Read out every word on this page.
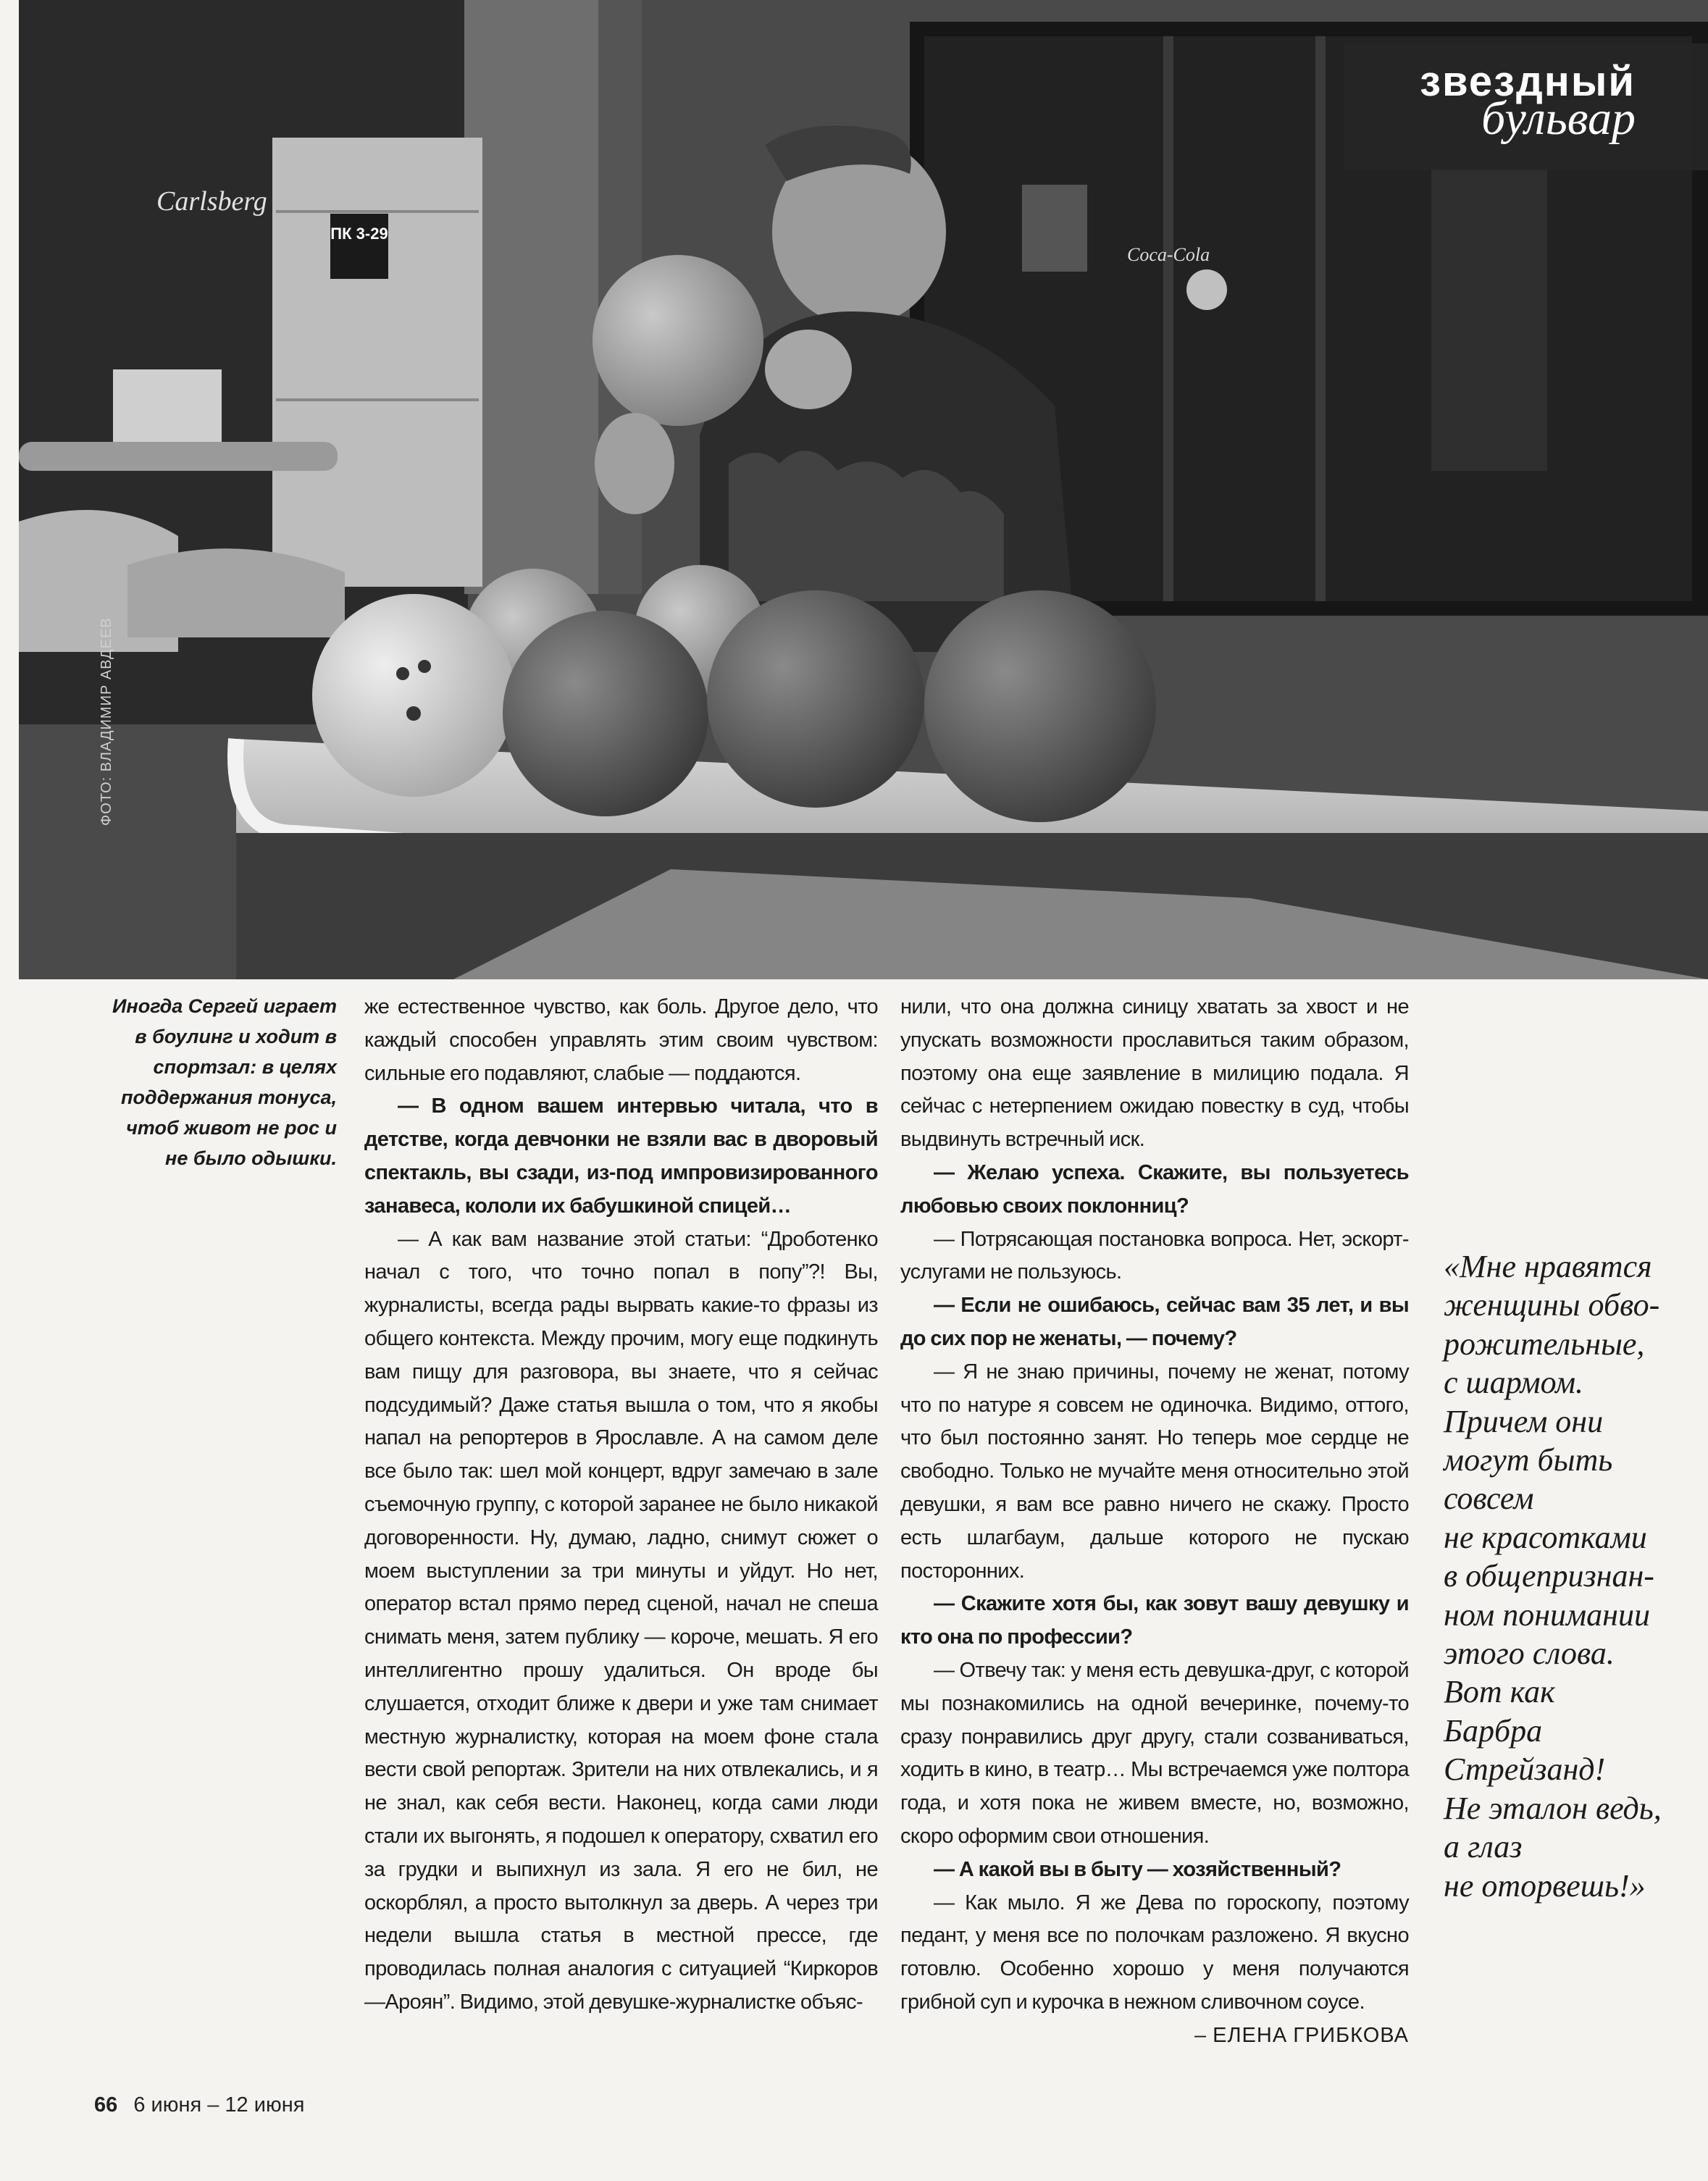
ПК 3-29
Carlsberg
Coca-Cola
звездный
бульвар
ФОТО: ВЛАДИМИР АВДЕЕВ
Иногда Сергей играет в боулинг и ходит в спортзал: в целях поддержания тонуса, чтоб живот не рос и не было одышки.

же естественное чувство, как боль. Другое дело, что каждый способен управлять этим своим чувством: сильные его подавляют, слабые — поддаются.

— В одном вашем интервью читала, что в детстве, когда девчонки не взяли вас в дворовый спектакль, вы сзади, из-под импровизированного занавеса, кололи их бабушкиной спицей…

— А как вам название этой статьи: “Дроботенко начал с того, что точно попал в попу”?! Вы, журналисты, всегда рады вырвать какие-то фразы из общего контекста. Между прочим, могу еще подкинуть вам пищу для разговора, вы знаете, что я сейчас подсудимый? Даже статья вышла о том, что я якобы напал на репортеров в Ярославле. А на самом деле все было так: шел мой концерт, вдруг замечаю в зале съемочную группу, с которой заранее не было никакой договоренности. Ну, думаю, ладно, снимут сюжет о моем выступлении за три минуты и уйдут. Но нет, оператор встал прямо перед сценой, начал не спеша снимать меня, затем публику — короче, мешать. Я его интеллигентно прошу удалиться. Он вроде бы слушается, отходит ближе к двери и уже там снимает местную журналистку, которая на моем фоне стала вести свой репортаж. Зрители на них отвлекались, и я не знал, как себя вести. Наконец, когда сами люди стали их выгонять, я подошел к оператору, схватил его за грудки и выпихнул из зала. Я его не бил, не оскорблял, а просто вытолкнул за дверь. А через три недели вышла статья в местной прессе, где проводилась полная аналогия с ситуацией “Киркоров—Ароян”. Видимо, этой девушке-журналистке объяс-

нили, что она должна синицу хватать за хвост и не упускать возможности прославиться таким образом, поэтому она еще заявление в милицию подала. Я сейчас с нетерпением ожидаю повестку в суд, чтобы выдвинуть встречный иск.

— Желаю успеха. Скажите, вы пользуетесь любовью своих поклонниц?

— Потрясающая постановка вопроса. Нет, эскорт-услугами не пользуюсь.

— Если не ошибаюсь, сейчас вам 35 лет, и вы до сих пор не женаты, — почему?

— Я не знаю причины, почему не женат, потому что по натуре я совсем не одиночка. Видимо, оттого, что был постоянно занят. Но теперь мое сердце не свободно. Только не мучайте меня относительно этой девушки, я вам все равно ничего не скажу. Просто есть шлагбаум, дальше которого не пускаю посторонних.

— Скажите хотя бы, как зовут вашу девушку и кто она по профессии?

— Отвечу так: у меня есть девушка-друг, с которой мы познакомились на одной вечеринке, почему-то сразу понравились друг другу, стали созваниваться, ходить в кино, в театр… Мы встречаемся уже полтора года, и хотя пока не живем вместе, но, возможно, скоро оформим свои отношения.

— А какой вы в быту — хозяйственный?

— Как мыло. Я же Дева по гороскопу, поэтому педант, у меня все по полочкам разложено. Я вкусно готовлю. Особенно хорошо у меня получаются грибной суп и курочка в нежном сливочном соусе.

– ЕЛЕНА ГРИБКОВА

«Мне нравятся
женщины обво-
рожительные,
с шармом.
Причем они
могут быть
совсем
не красотками
в общепризнан-
ном понимании
этого слова.
Вот как
Барбра
Стрейзанд!
Не эталон ведь,
а глаз
не оторвешь!»
66 6 июня – 12 июня
